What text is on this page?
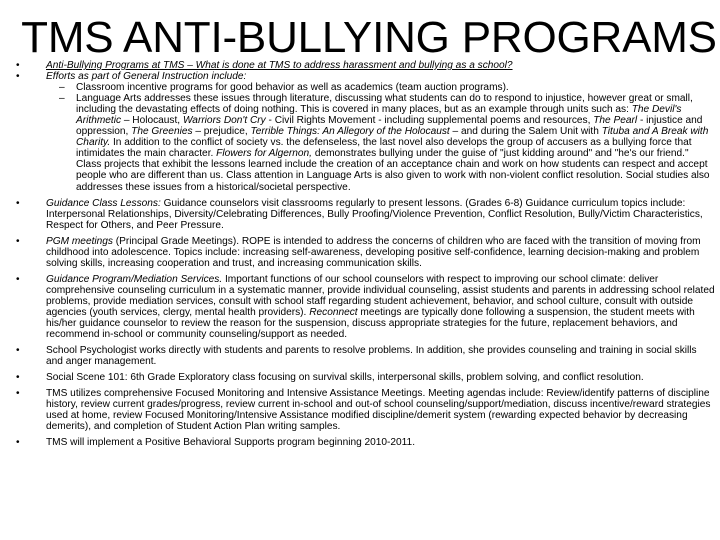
TMS ANTI-BULLYING PROGRAMS
•	Anti-Bullying Programs at TMS – What is done at TMS to address harassment and bullying as a school?
•	Efforts as part of General Instruction include:
– Classroom incentive programs for good behavior as well as academics (team auction programs).
– Language Arts addresses these issues through literature, discussing what students can do to respond to injustice, however great or small, including the devastating effects of doing nothing. This is covered in many places, but as an example through units such as: The Devil's Arithmetic – Holocaust, Warriors Don't Cry - Civil Rights Movement - including supplemental poems and resources, The Pearl - injustice and oppression, The Greenies – prejudice, Terrible Things: An Allegory of the Holocaust – and during the Salem Unit with Tituba and A Break with Charity. In addition to the conflict of society vs. the defenseless, the last novel also develops the group of accusers as a bullying force that intimidates the main character. Flowers for Algernon, demonstrates bullying under the guise of "just kidding around" and "he's our friend." Class projects that exhibit the lessons learned include the creation of an acceptance chain and work on how students can respect and accept people who are different than us. Class attention in Language Arts is also given to work with non-violent conflict resolution. Social studies also addresses these issues from a historical/societal perspective.
•	Guidance Class Lessons: Guidance counselors visit classrooms regularly to present lessons. (Grades 6-8) Guidance curriculum topics include: Interpersonal Relationships, Diversity/Celebrating Differences, Bully Proofing/Violence Prevention, Conflict Resolution, Bully/Victim Characteristics, Respect for Others, and Peer Pressure.
•	PGM meetings (Principal Grade Meetings). ROPE is intended to address the concerns of children who are faced with the transition of moving from childhood into adolescence. Topics include: increasing self-awareness, developing positive self-confidence, learning decision-making and problem solving skills, increasing cooperation and trust, and increasing communication skills.
•	Guidance Program/Mediation Services. Important functions of our school counselors with respect to improving our school climate: deliver comprehensive counseling curriculum in a systematic manner, provide individual counseling, assist students and parents in addressing school related problems, provide mediation services, consult with school staff regarding student achievement, behavior, and school culture, consult with outside agencies (youth services, clergy, mental health providers). Reconnect meetings are typically done following a suspension, the student meets with his/her guidance counselor to review the reason for the suspension, discuss appropriate strategies for the future, replacement behaviors, and recommend in-school or community counseling/support as needed.
•	School Psychologist works directly with students and parents to resolve problems. In addition, she provides counseling and training in social skills and anger management.
•	Social Scene 101: 6th Grade Exploratory class focusing on survival skills, interpersonal skills, problem solving, and conflict resolution.
•	TMS utilizes comprehensive Focused Monitoring and Intensive Assistance Meetings. Meeting agendas include: Review/identify patterns of discipline history, review current grades/progress, review current in-school and out-of school counseling/support/mediation, discuss incentive/reward strategies used at home, review Focused Monitoring/Intensive Assistance modified discipline/demerit system (rewarding expected behavior by decreasing demerits), and completion of Student Action Plan writing samples.
•	TMS will implement a Positive Behavioral Supports program beginning 2010-2011.
